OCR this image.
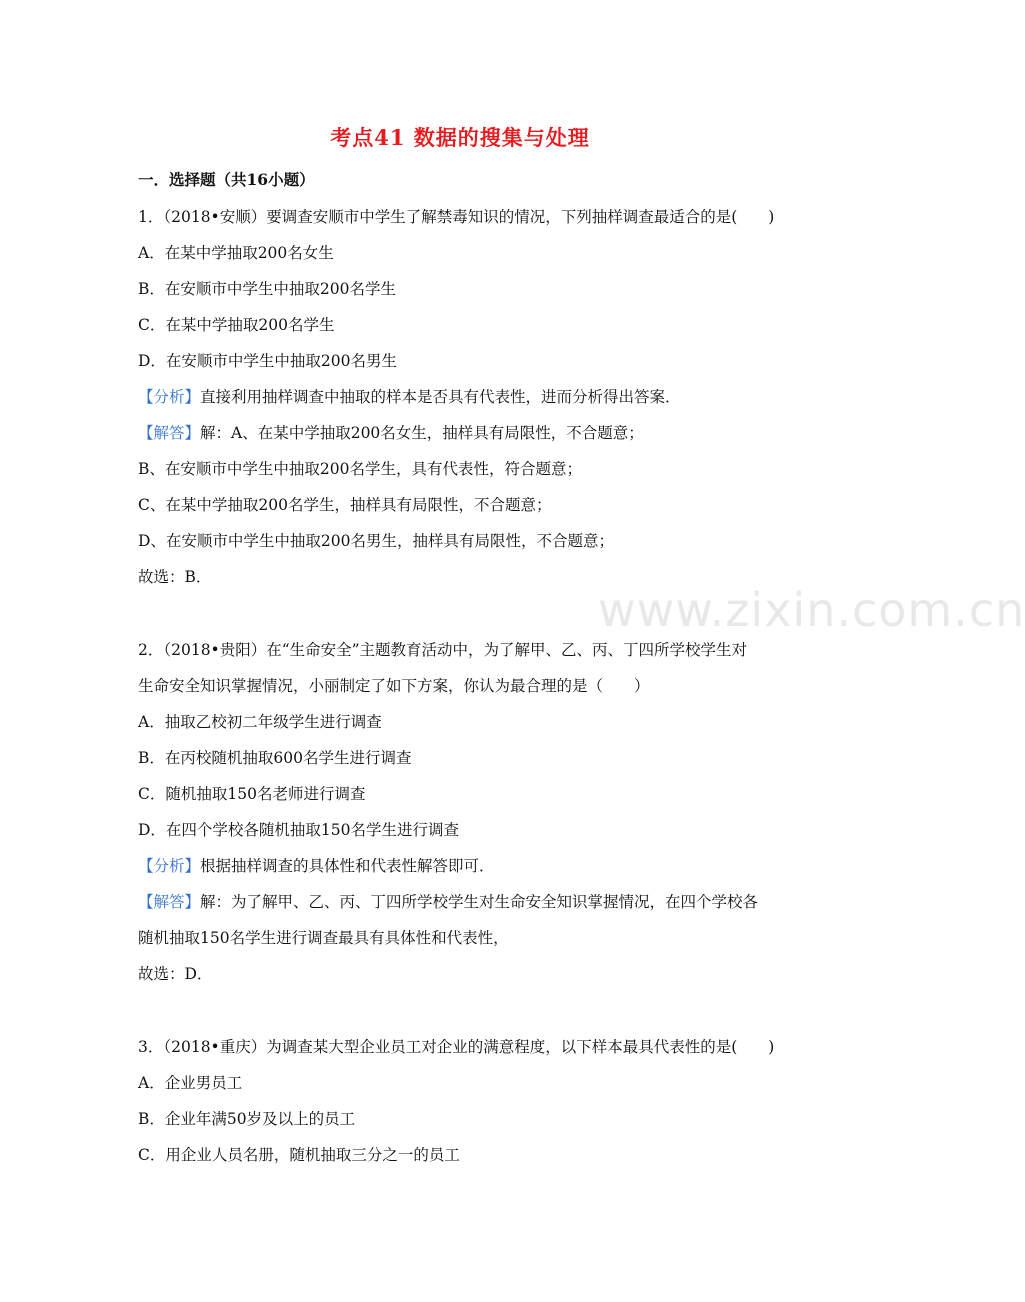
www.zixin.com.cn
考点41 数据的搜集与处理
一．选择题（共16小题）
1．（2018•安顺）要调查安顺市中学生了解禁毒知识的情况，下列抽样调查最适合的是(　　)
A．在某中学抽取200名女生
B．在安顺市中学生中抽取200名学生
C．在某中学抽取200名学生
D．在安顺市中学生中抽取200名男生
【分析】直接利用抽样调查中抽取的样本是否具有代表性，进而分析得出答案．
【解答】解：A、在某中学抽取200名女生，抽样具有局限性，不合题意；
B、在安顺市中学生中抽取200名学生，具有代表性，符合题意；
C、在某中学抽取200名学生，抽样具有局限性，不合题意；
D、在安顺市中学生中抽取200名男生，抽样具有局限性，不合题意；
故选：B．
2．（2018•贵阳）在“生命安全”主题教育活动中，为了解甲、乙、丙、丁四所学校学生对
生命安全知识掌握情况，小丽制定了如下方案，你认为最合理的是（　　）
A．抽取乙校初二年级学生进行调查
B．在丙校随机抽取600名学生进行调查
C．随机抽取150名老师进行调查
D．在四个学校各随机抽取150名学生进行调查
【分析】根据抽样调查的具体性和代表性解答即可．
【解答】解：为了解甲、乙、丙、丁四所学校学生对生命安全知识掌握情况，在四个学校各
随机抽取150名学生进行调查最具有具体性和代表性，
故选：D．
3．（2018•重庆）为调查某大型企业员工对企业的满意程度，以下样本最具代表性的是(　　)
A．企业男员工
B．企业年满50岁及以上的员工
C．用企业人员名册，随机抽取三分之一的员工
